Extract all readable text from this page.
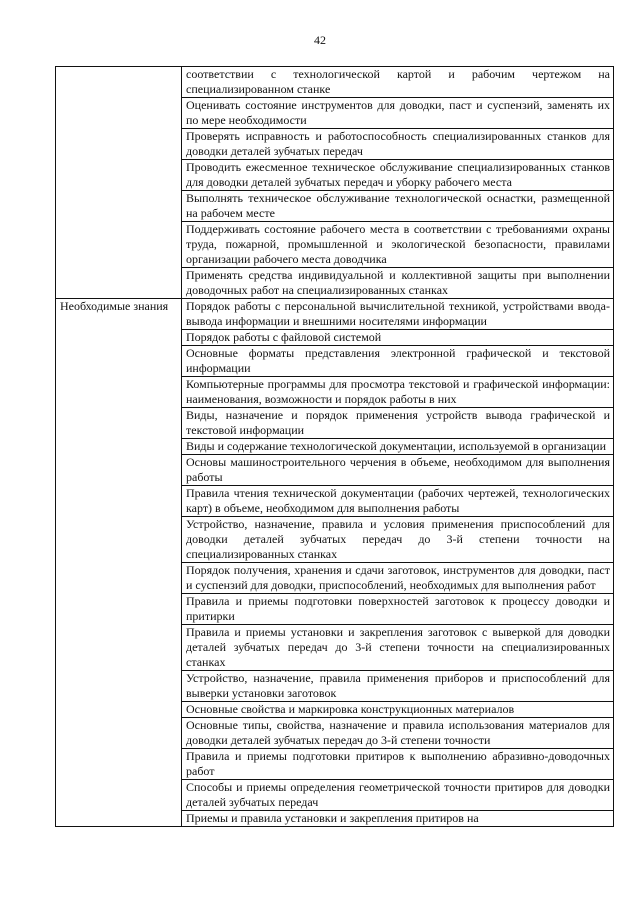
42

	соответствии с технологической картой и рабочим чертежом на специализированном станке

	Оценивать состояние инструментов для доводки, паст и суспензий, заменять их по мере необходимости

	Проверять исправность и работоспособность специализированных станков для доводки деталей зубчатых передач

	Проводить ежесменное техническое обслуживание специализированных станков для доводки деталей зубчатых передач и уборку рабочего места

	Выполнять техническое обслуживание технологической оснастки, размещенной на рабочем месте

	Поддерживать состояние рабочего места в соответствии с требованиями охраны труда, пожарной, промышленной и экологической безопасности, правилами организации рабочего места доводчика

	Применять средства индивидуальной и коллективной защиты при выполнении доводочных работ на специализированных станках

Необходимые знания	Порядок работы с персональной вычислительной техникой, устройствами ввода-вывода информации и внешними носителями информации

	Порядок работы с файловой системой

	Основные форматы представления электронной графической и текстовой информации

	Компьютерные программы для просмотра текстовой и графической информации: наименования, возможности и порядок работы в них

	Виды, назначение и порядок применения устройств вывода графической и текстовой информации

	Виды и содержание технологической документации, используемой в организации

	Основы машиностроительного черчения в объеме, необходимом для выполнения работы

	Правила чтения технической документации (рабочих чертежей, технологических карт) в объеме, необходимом для выполнения работы

	Устройство, назначение, правила и условия применения приспособлений для доводки деталей зубчатых передач до 3-й степени точности на специализированных станках

	Порядок получения, хранения и сдачи заготовок, инструментов для доводки, паст и суспензий для доводки, приспособлений, необходимых для выполнения работ

	Правила и приемы подготовки поверхностей заготовок к процессу доводки и притирки

	Правила и приемы установки и закрепления заготовок с выверкой для доводки деталей зубчатых передач до 3-й степени точности на специализированных станках

	Устройство, назначение, правила применения приборов и приспособлений для выверки установки заготовок

	Основные свойства и маркировка конструкционных материалов

	Основные типы, свойства, назначение и правила использования материалов для доводки деталей зубчатых передач до 3-й степени точности

	Правила и приемы подготовки притиров к выполнению абразивно-доводочных работ

	Способы и приемы определения геометрической точности притиров для доводки деталей зубчатых передач

	Приемы и правила установки и закрепления притиров на
